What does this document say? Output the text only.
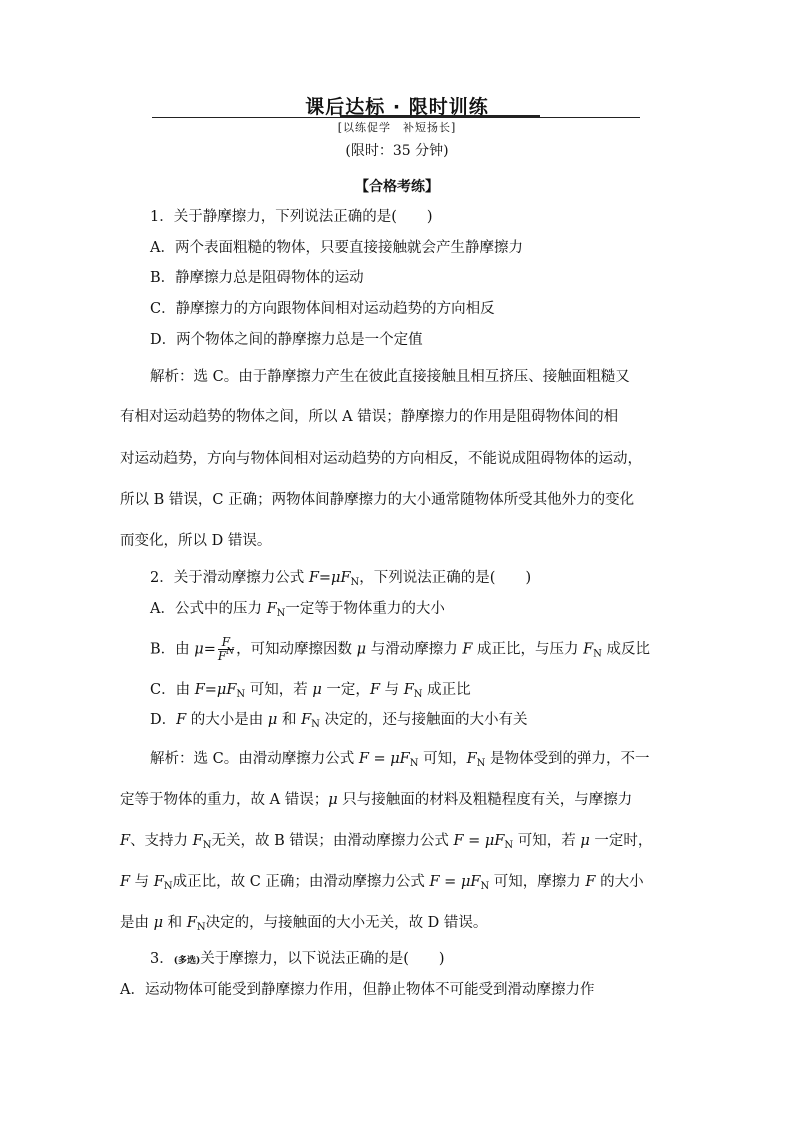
课后达标 · 限时训练
[以练促学　补短扬长]
(限时：35 分钟)
【合格考练】
1．关于静摩擦力，下列说法正确的是( )
A．两个表面粗糙的物体，只要直接接触就会产生静摩擦力
B．静摩擦力总是阻碍物体的运动
C．静摩擦力的方向跟物体间相对运动趋势的方向相反
D．两个物体之间的静摩擦力总是一个定值
解析：选 C。由于静摩擦力产生在彼此直接接触且相互挤压、接触面粗糙又
有相对运动趋势的物体之间，所以 A 错误；静摩擦力的作用是阻碍物体间的相
对运动趋势，方向与物体间相对运动趋势的方向相反，不能说成阻碍物体的运动，
所以 B 错误，C 正确；两物体间静摩擦力的大小通常随物体所受其他外力的变化
而变化，所以 D 错误。
2．关于滑动摩擦力公式 $F=\mu F_N$，下列说法正确的是( )
A．公式中的压力 $F_N$一定等于物体重力的大小
B．由 $\mu= \frac{F}{F^N}$ ，可知动摩擦因数 μ 与滑动摩擦力 F 成正比，与压力 $F_N$ 成反比
C．由 $F=\mu F_N$ 可知，若 μ 一定，F 与 $F_N$ 成正比
D．F 的大小是由 μ 和 $F_N$ 决定的，还与接触面的大小有关
解析：选 C。由滑动摩擦力公式 $F = \mu F_N$ 可知，$F_N$ 是物体受到的弹力，不一
定等于物体的重力，故 A 错误；μ 只与接触面的材料及粗糙程度有关，与摩擦力
F、支持力 $F_N$无关，故 B 错误；由滑动摩擦力公式 $F = \mu F_N$ 可知，若 μ 一定时，
F 与 $F_N$成正比，故 C 正确；由滑动摩擦力公式 $F = \mu F_N$ 可知，摩擦力 F 的大小
是由 μ 和 $F_N$决定的，与接触面的大小无关，故 D 错误。
3．(多选)关于摩擦力，以下说法正确的是( )
A．运动物体可能受到静摩擦力作用，但静止物体不可能受到滑动摩擦力作
